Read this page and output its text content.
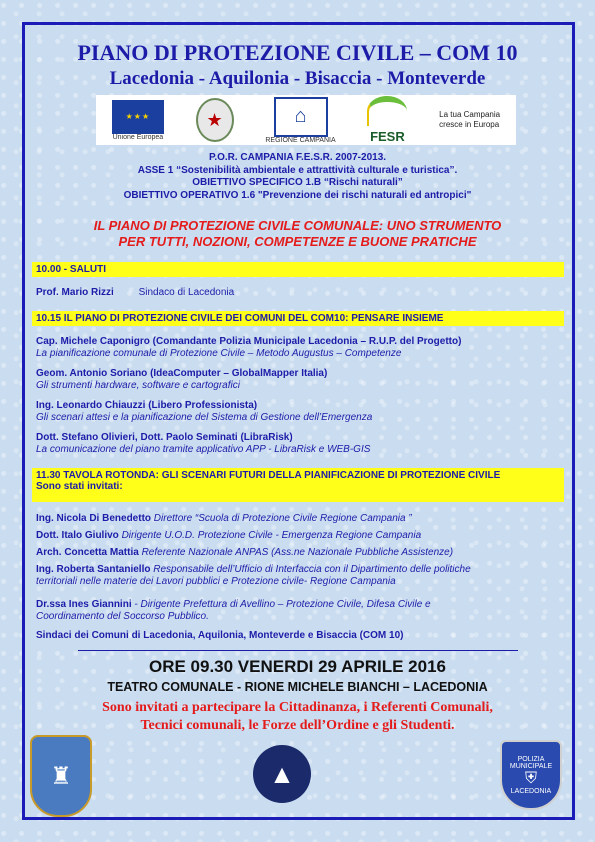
PIANO DI PROTEZIONE CIVILE – COM 10
Lacedonia - Aquilonia - Bisaccia - Monteverde
★★★
Unione Europea
★	⌂
REGIONE CAMPANIA	FESR
La tua Campania
cresce in Europa
P.O.R. CAMPANIA F.E.S.R. 2007-2013.
ASSE 1 “Sostenibilità ambientale e attrattività culturale e turistica”.
OBIETTIVO SPECIFICO 1.B “Rischi naturali”
OBIETTIVO OPERATIVO 1.6 "Prevenzione dei rischi naturali ed antropici"
IL PIANO DI PROTEZIONE CIVILE COMUNALE: UNO STRUMENTO
PER TUTTI, NOZIONI, COMPETENZE E BUONE PRATICHE
10.00 - SALUTI
Prof. Mario Rizzi Sindaco di Lacedonia
10.15 IL PIANO DI PROTEZIONE CIVILE DEI COMUNI DEL COM10: PENSARE INSIEME
Cap. Michele Caponigro (Comandante Polizia Municipale Lacedonia – R.U.P. del Progetto)
La pianificazione comunale di Protezione Civile – Metodo Augustus – Competenze
Geom. Antonio Soriano (IdeaComputer – GlobalMapper Italia)
Gli strumenti hardware, software e cartografici
Ing. Leonardo Chiauzzi (Libero Professionista)
Gli scenari attesi e la pianificazione del Sistema di Gestione dell’Emergenza
Dott. Stefano Olivieri, Dott. Paolo Seminati (LibraRisk)
La comunicazione del piano tramite applicativo APP - LibraRisk e WEB-GIS
11.30 TAVOLA ROTONDA: GLI SCENARI FUTURI DELLA PIANIFICAZIONE DI PROTEZIONE CIVILE
Sono stati invitati:
Ing. Nicola Di Benedetto Direttore “Scuola di Protezione Civile Regione Campania ”
Dott. Italo Giulivo Dirigente U.O.D. Protezione Civile - Emergenza Regione Campania
Arch. Concetta Mattia Referente Nazionale ANPAS (Ass.ne Nazionale Pubbliche Assistenze)
Ing. Roberta Santaniello Responsabile dell’Ufficio di Interfaccia con il Dipartimento delle politiche
territoriali nelle materie dei Lavori pubblici e Protezione civile- Regione Campania
Dr.ssa Ines Giannini - Dirigente Prefettura di Avellino – Protezione Civile, Difesa Civile e
Coordinamento del Soccorso Pubblico.
Sindaci dei Comuni di Lacedonia, Aquilonia, Monteverde e Bisaccia (COM 10)
ORE 09.30 VENERDI 29 APRILE 2016
TEATRO COMUNALE - RIONE MICHELE BIANCHI – LACEDONIA
Sono invitati a partecipare la Cittadinanza, i Referenti Comunali,
Tecnici comunali, le Forze dell’Ordine e gli Studenti.
♜	▲	POLIZIA
MUNICIPALE
⛨
LACEDONIA
